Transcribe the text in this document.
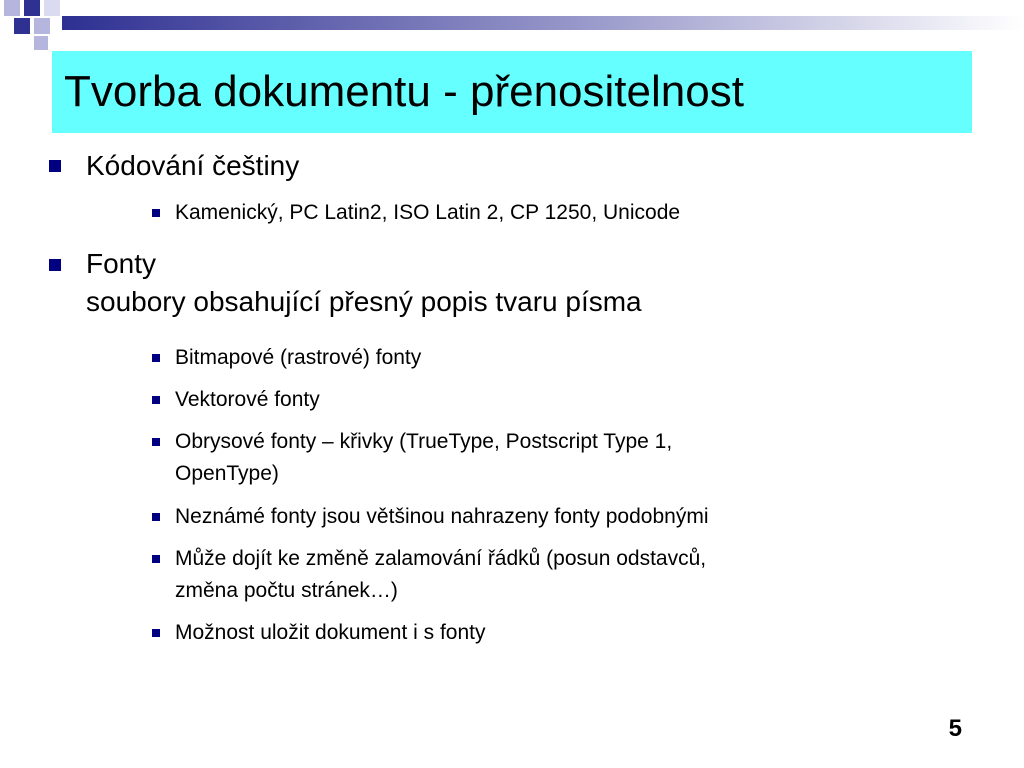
Tvorba dokumentu - přenositelnost
Kódování češtiny
Kamenický, PC Latin2, ISO Latin 2, CP 1250, Unicode
Fonty
soubory obsahující přesný popis tvaru písma
Bitmapové (rastrové) fonty
Vektorové fonty
Obrysové fonty – křivky (TrueType, Postscript Type 1,
OpenType)
Neznámé fonty jsou většinou nahrazeny fonty podobnými
Může dojít ke změně zalamování řádků (posun odstavců,
změna počtu stránek…)
Možnost uložit dokument i s fonty
5
